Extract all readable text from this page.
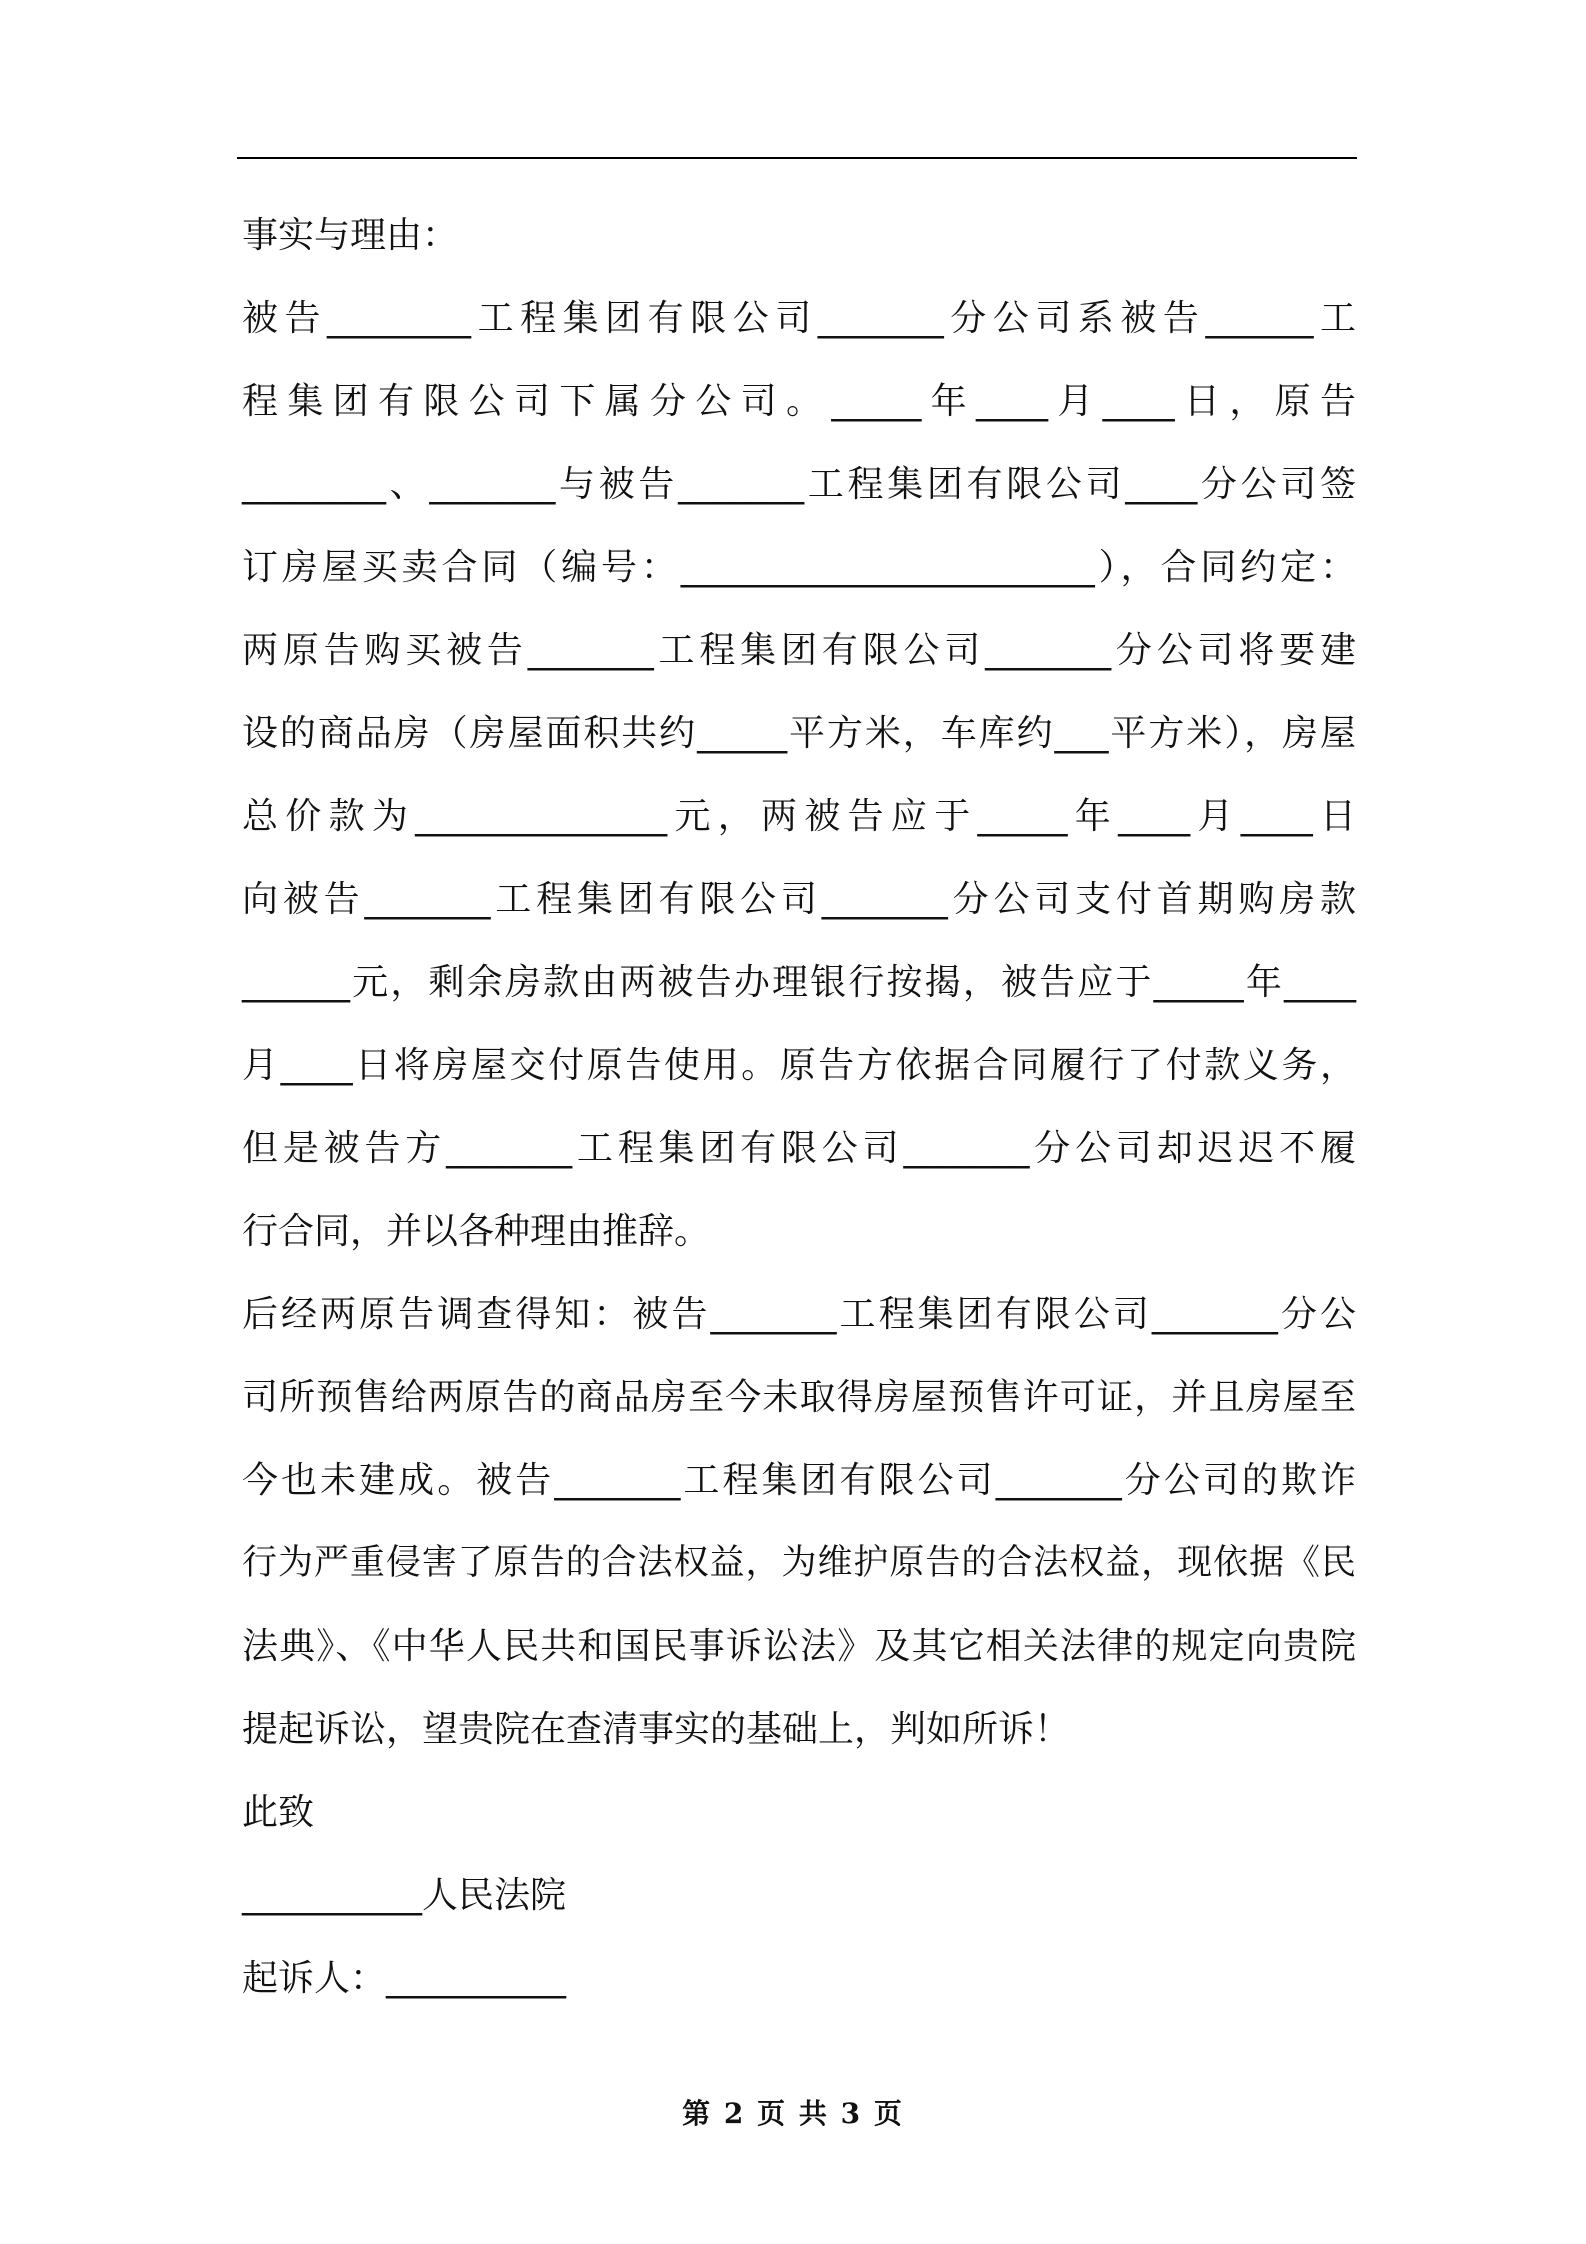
事实与理由：
被告________工程集团有限公司_______分公司系被告______工
程集团有限公司下属分公司。_____年____月____日，原告
________、_______与被告_______工程集团有限公司____分公司签
订房屋买卖合同（编号：_______________________），合同约定：
两原告购买被告_______工程集团有限公司_______分公司将要建
设的商品房（房屋面积共约_____平方米，车库约___平方米），房屋
总价款为______________元，两被告应于_____年____月____日
向被告_______工程集团有限公司_______分公司支付首期购房款
______元，剩余房款由两被告办理银行按揭，被告应于_____年____
月____日将房屋交付原告使用。原告方依据合同履行了付款义务，
但是被告方_______工程集团有限公司_______分公司却迟迟不履
行合同，并以各种理由推辞。
后经两原告调查得知：被告_______工程集团有限公司_______分公
司所预售给两原告的商品房至今未取得房屋预售许可证，并且房屋至
今也未建成。被告_______工程集团有限公司_______分公司的欺诈
行为严重侵害了原告的合法权益，为维护原告的合法权益，现依据《民
法典》、《中华人民共和国民事诉讼法》及其它相关法律的规定向贵院
提起诉讼，望贵院在查清事实的基础上，判如所诉！
此致
__________人民法院
起诉人：__________
第 2 页 共 3 页
